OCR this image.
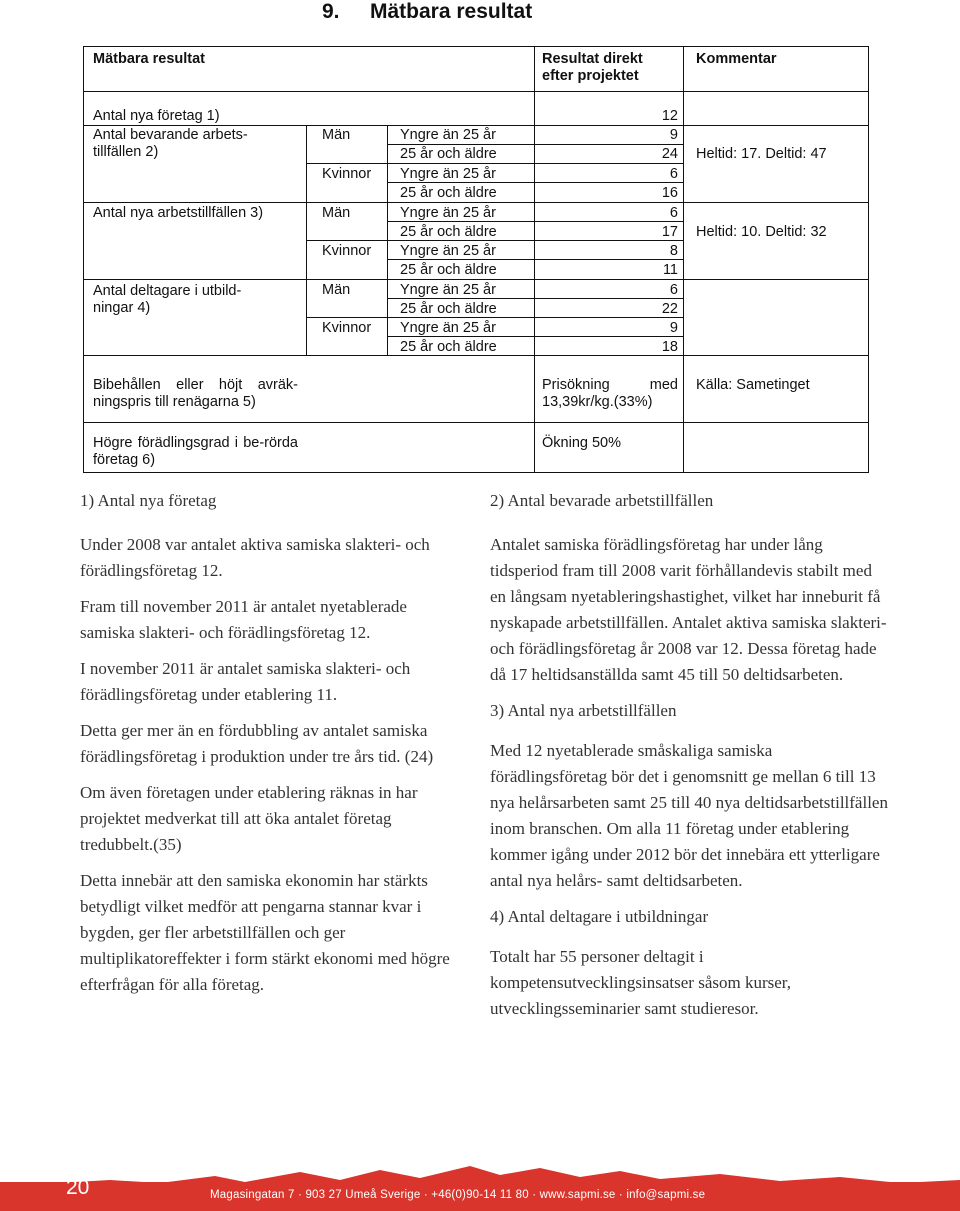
9. Mätbara resultat
Mätbara resultat	Resultat direkt efter projektet
Kommentar
Antal nya företag 1)
Antal bevarande arbets-tillfällen 2)
Antal nya arbetstillfällen 3)
Antal deltagare i utbild-ningar 4)
Män
Kvinnor
Män
Kvinnor
Män
Kvinnor
Yngre än 25 år
25 år och äldre
Yngre än 25 år
25 år och äldre
Yngre än 25 år
25 år och äldre
Yngre än 25 år
25 år och äldre
Yngre än 25 år
25 år och äldre
Yngre än 25 år
25 år och äldre
12
9
24
6
16
6
17
8
11
6
22
9
18
Heltid: 17. Deltid: 47
Heltid: 10. Deltid: 32
Bibehållen eller höjt avräk-ningspris till renägarna 5)
Prisökning med 13,39kr/kg.(33%)
Källa: Sametinget
Högre förädlingsgrad i be-rörda företag 6)
Ökning 50%

1) Antal nya företag

Under 2008 var antalet aktiva samiska slakteri- och förädlingsföretag 12.

Fram till november 2011 är antalet nyetablerade samiska slakteri- och förädlingsföretag 12.

I november 2011 är antalet samiska slakteri- och förädlingsföretag under etablering 11.

Detta ger mer än en fördubbling av antalet samiska förädlingsföretag i produktion under tre års tid. (24)

Om även företagen under etablering räknas in har projektet medverkat till att öka antalet företag tredubbelt.(35)

Detta innebär att den samiska ekonomin har stärkts betydligt vilket medför att pengarna stannar kvar i bygden, ger fler arbetstillfällen och ger multiplikatoreffekter i form stärkt ekonomi med högre efterfrågan för alla företag.

2) Antal bevarade arbetstillfällen

Antalet samiska förädlingsföretag har under lång tidsperiod fram till 2008 varit förhållandevis stabilt med en långsam nyetableringshastighet, vilket har inneburit få nyskapade arbetstillfällen. Antalet aktiva samiska slakteri- och förädlingsföretag år 2008 var 12. Dessa företag hade då 17 heltidsanställda samt 45 till 50 deltidsarbeten.

3) Antal nya arbetstillfällen

Med 12 nyetablerade småskaliga samiska förädlingsföretag bör det i genomsnitt ge mellan 6 till 13 nya helårsarbeten samt 25 till 40 nya deltidsarbetstillfällen inom branschen. Om alla 11 företag under etablering kommer igång under 2012 bör det innebära ett ytterligare antal nya helårs- samt deltidsarbeten.

4) Antal deltagare i utbildningar

Totalt har 55 personer deltagit i kompetensutvecklingsinsatser såsom kurser, utvecklingsseminarier samt studieresor.

20	Magasingatan 7 · 903 27 Umeå Sverige · +46(0)90-14 11 80 · www.sapmi.se · info@sapmi.se
